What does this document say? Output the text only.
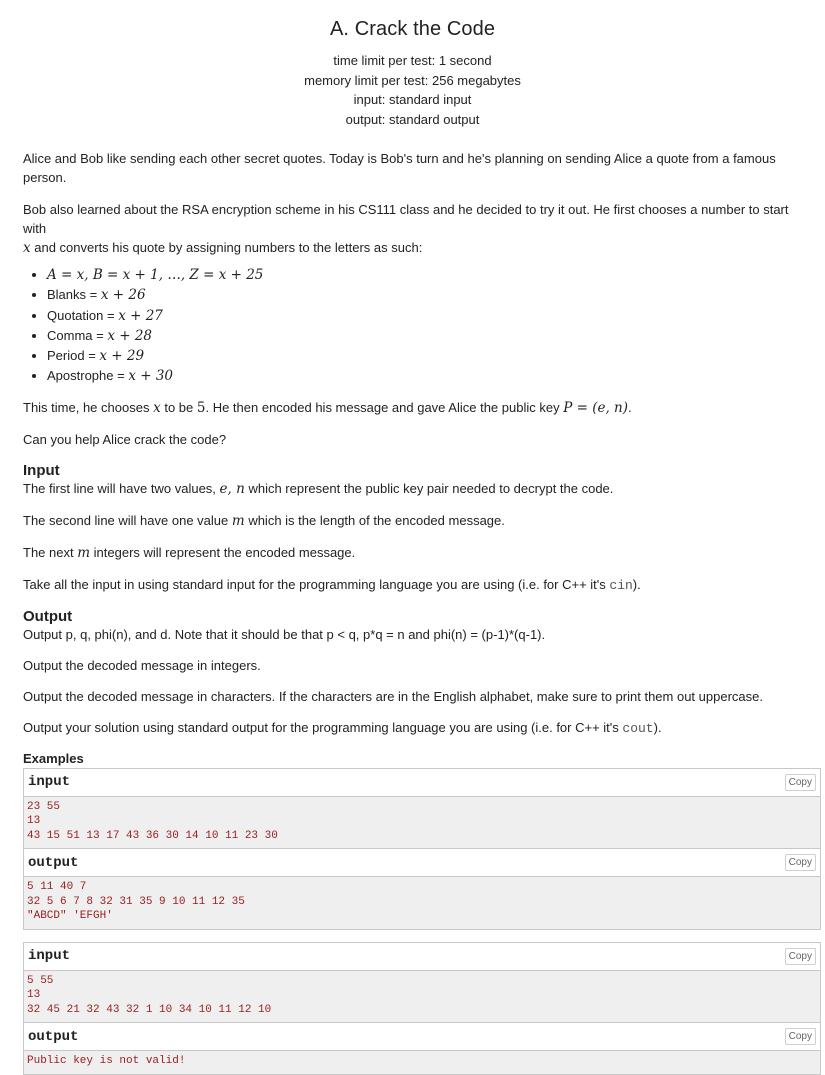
A. Crack the Code
time limit per test: 1 second
memory limit per test: 256 megabytes
input: standard input
output: standard output

Alice and Bob like sending each other secret quotes. Today is Bob's turn and he's planning on sending Alice a quote from a famous person.

Bob also learned about the RSA encryption scheme in his CS111 class and he decided to try it out. He first chooses a number to start with
x and converts his quote by assigning numbers to the letters as such:

• A = x, B = x + 1, …, Z = x + 25
• Blanks = x + 26
• Quotation = x + 27
• Comma = x + 28
• Period = x + 29
• Apostrophe = x + 30

This time, he chooses x to be 5. He then encoded his message and gave Alice the public key P = (e, n).

Can you help Alice crack the code?

Input

The first line will have two values, e, n which represent the public key pair needed to decrypt the code.

The second line will have one value m which is the length of the encoded message.

The next m integers will represent the encoded message.

Take all the input in using standard input for the programming language you are using (i.e. for C++ it's cin).

Output

Output p, q, phi(n), and d. Note that it should be that p < q, p*q = n and phi(n) = (p-1)*(q-1).

Output the decoded message in integers.

Output the decoded message in characters. If the characters are in the English alphabet, make sure to print them out uppercase.

Output your solution using standard output for the programming language you are using (i.e. for C++ it's cout).

Examples
input	Copy
23 55
13
43 15 51 13 17 43 36 30 14 10 11 23 30
output	Copy
5 11 40 7
32 5 6 7 8 32 31 35 9 10 11 12 35
"ABCD" 'EFGH'
input	Copy
5 55
13
32 45 21 32 43 32 1 10 34 10 11 12 10
output	Copy
Public key is not valid!
